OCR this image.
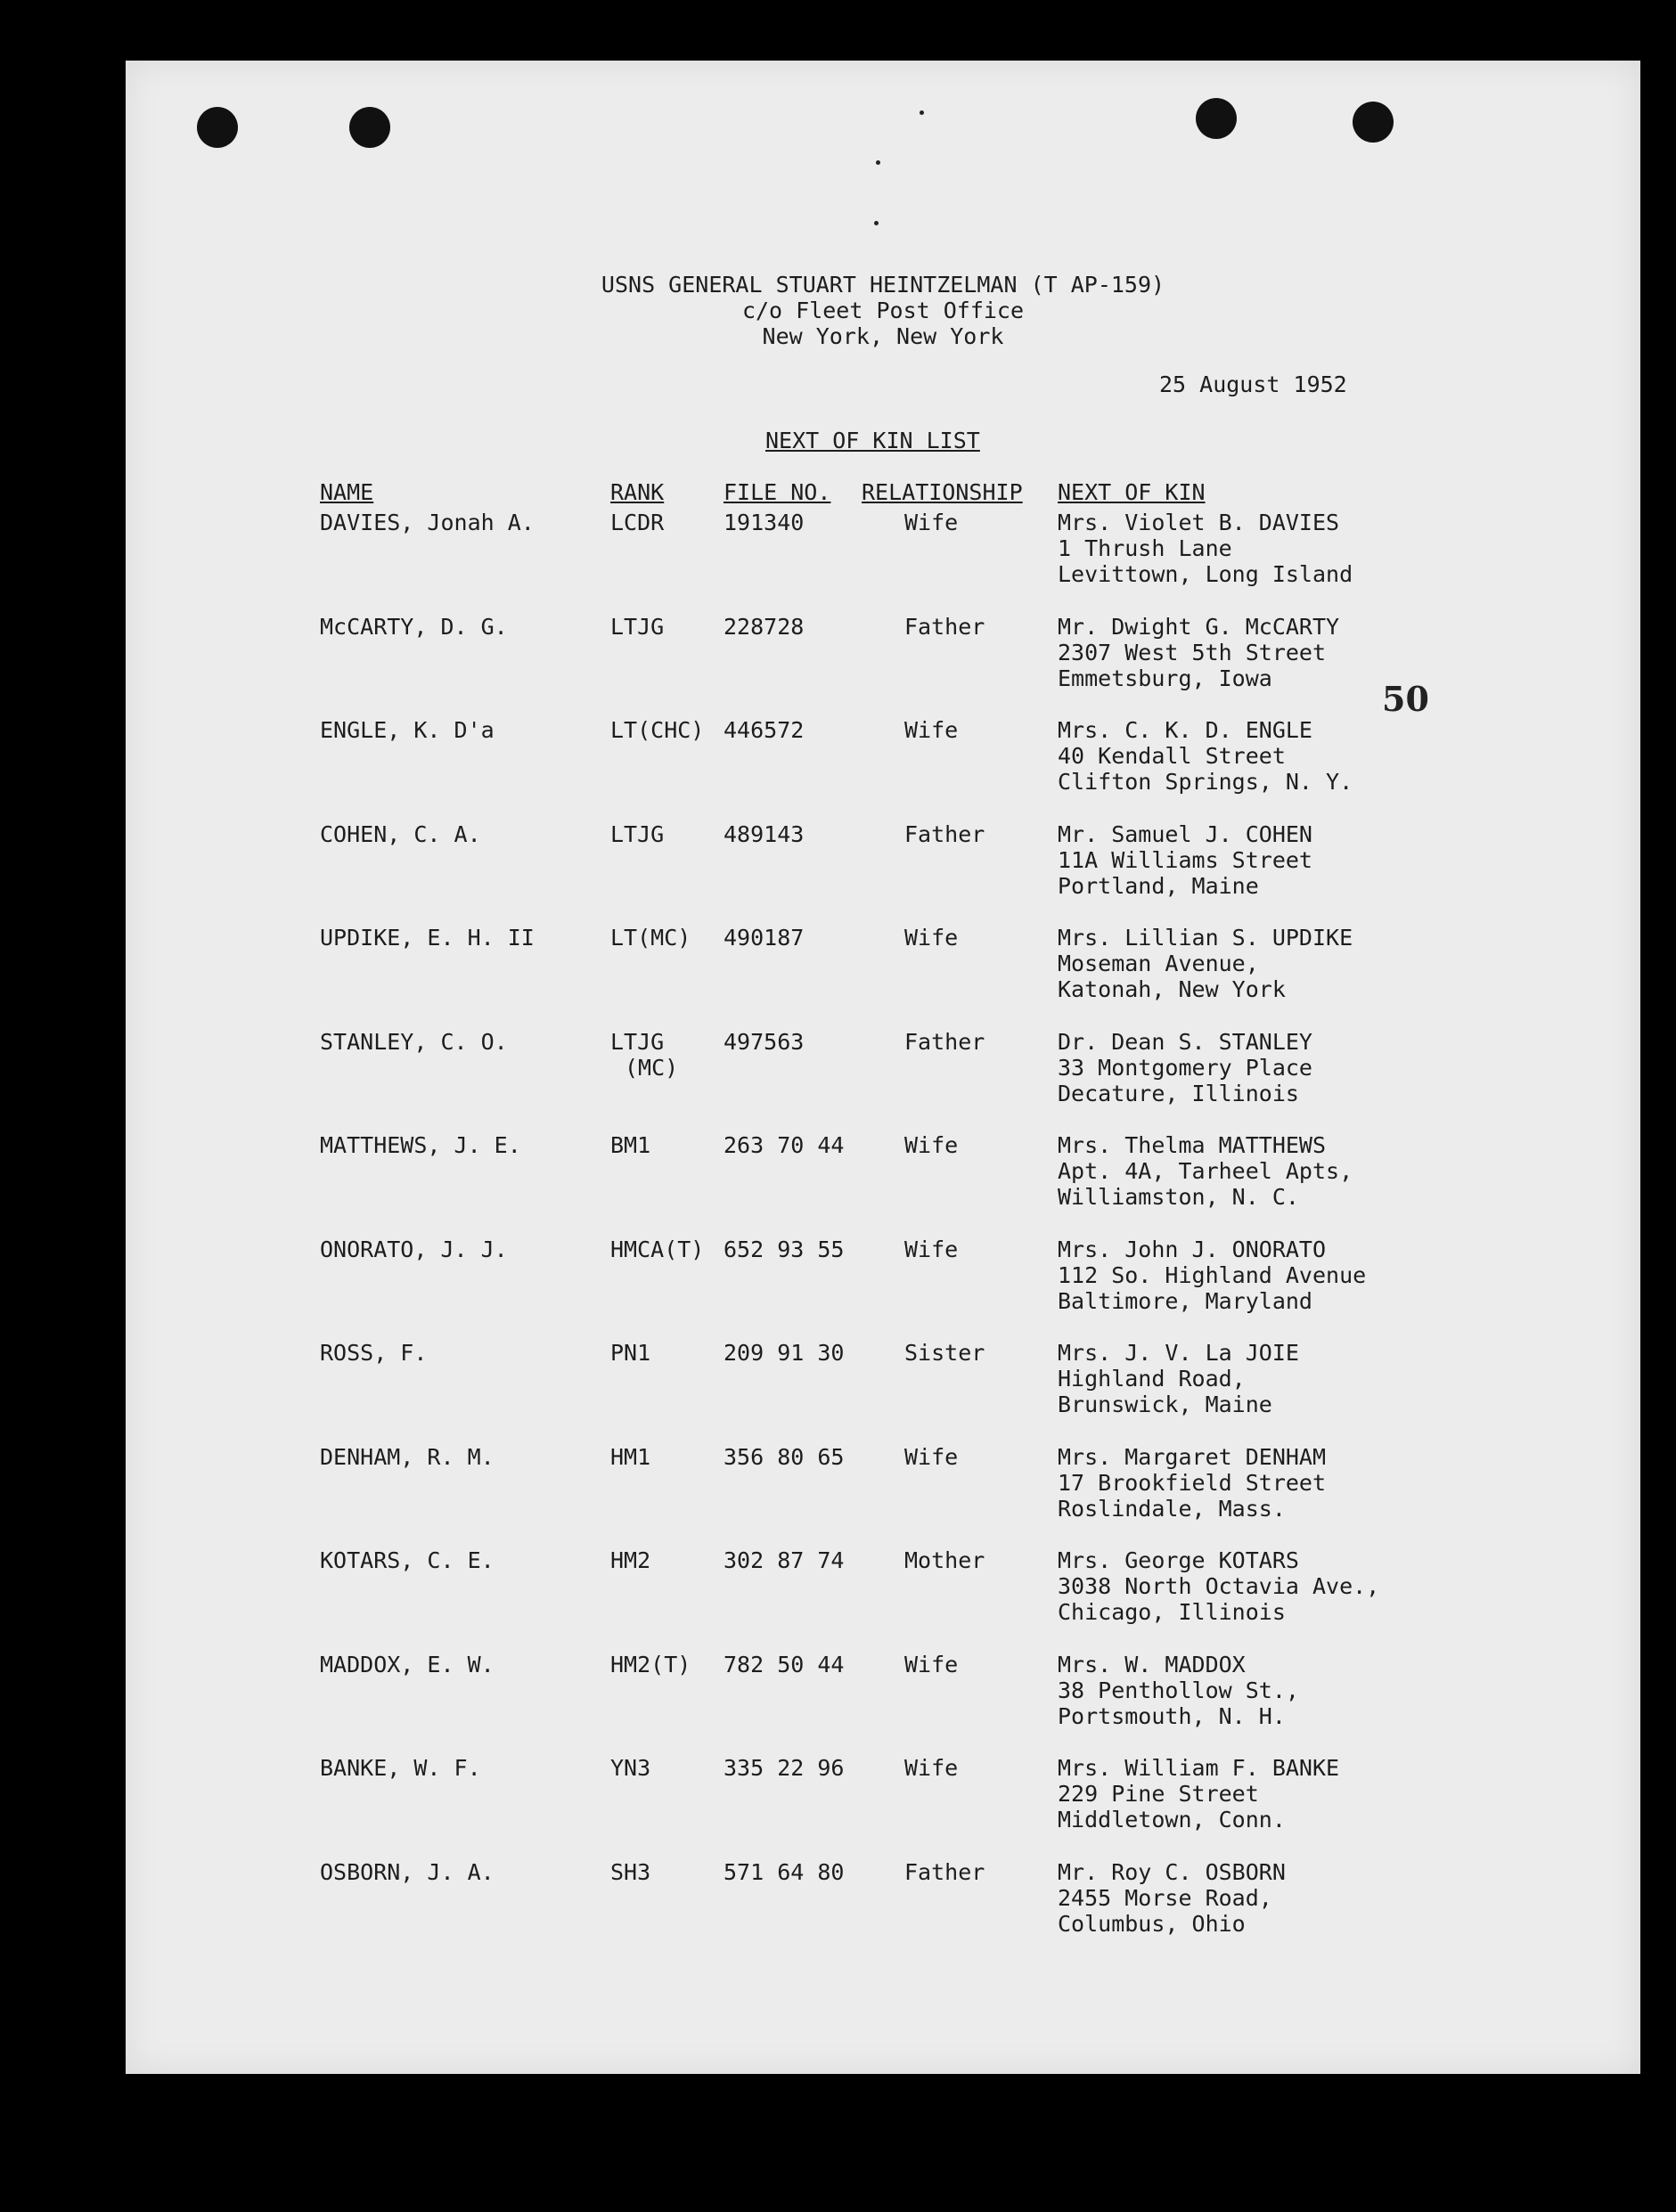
USNS GENERAL STUART HEINTZELMAN (T AP-159)
c/o Fleet Post Office
New York, New York
25 August 1952
NEXT OF KIN LIST
NAME	RANK	FILE NO. RELATIONSHIP NEXT OF KIN
50
DAVIES, Jonah A.	LCDR	191340	Wife	Mrs. Violet B. DAVIES
1 Thrush Lane
Levittown, Long Island
McCARTY, D. G.	LTJG	228728	Father	Mr. Dwight G. McCARTY
2307 West 5th Street
Emmetsburg, Iowa
ENGLE, K. D'a	LT(CHC) 446572	Wife	Mrs. C. K. D. ENGLE
40 Kendall Street
Clifton Springs, N. Y.
COHEN, C. A.	LTJG	489143	Father	Mr. Samuel J. COHEN
11A Williams Street
Portland, Maine
UPDIKE, E. H. II	LT(MC) 490187	Wife	Mrs. Lillian S. UPDIKE
Moseman Avenue,
Katonah, New York
STANLEY, C. O.	LTJG
(MC)
497563	Father	Dr. Dean S. STANLEY
33 Montgomery Place
Decature, Illinois
MATTHEWS, J. E.	BM1	263 70 44	Wife	Mrs. Thelma MATTHEWS
Apt. 4A, Tarheel Apts,
Williamston, N. C.
ONORATO, J. J.	HMCA(T) 652 93 55	Wife	Mrs. John J. ONORATO
112 So. Highland Avenue
Baltimore, Maryland
ROSS, F.	PN1	209 91 30	Sister	Mrs. J. V. La JOIE
Highland Road,
Brunswick, Maine
DENHAM, R. M.	HM1	356 80 65	Wife	Mrs. Margaret DENHAM
17 Brookfield Street
Roslindale, Mass.
KOTARS, C. E.	HM2	302 87 74	Mother	Mrs. George KOTARS
3038 North Octavia Ave.,
Chicago, Illinois
MADDOX, E. W.	HM2(T) 782 50 44	Wife	Mrs. W. MADDOX
38 Penthollow St.,
Portsmouth, N. H.
BANKE, W. F.	YN3	335 22 96	Wife	Mrs. William F. BANKE
229 Pine Street
Middletown, Conn.
OSBORN, J. A.	SH3	571 64 80	Father	Mr. Roy C. OSBORN
2455 Morse Road,
Columbus, Ohio
